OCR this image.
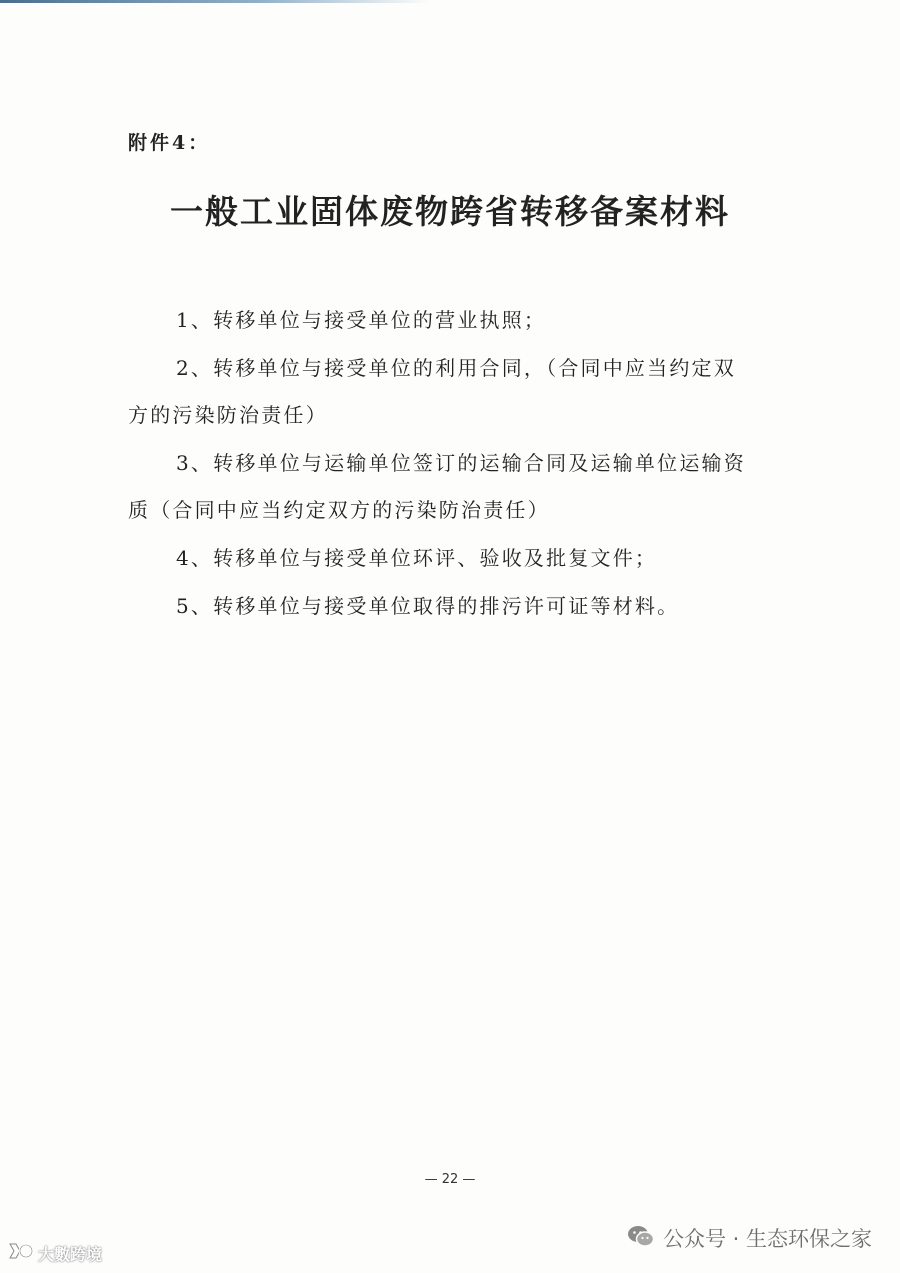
附件4：
一般工业固体废物跨省转移备案材料

1、转移单位与接受单位的营业执照；

2、转移单位与接受单位的利用合同，（合同中应当约定双方的污染防治责任）

3、转移单位与运输单位签订的运输合同及运输单位运输资质（合同中应当约定双方的污染防治责任）

4、转移单位与接受单位环评、验收及批复文件；

5、转移单位与接受单位取得的排污许可证等材料。

— 22 —
公众号 · 生态环保之家
大數跨境
